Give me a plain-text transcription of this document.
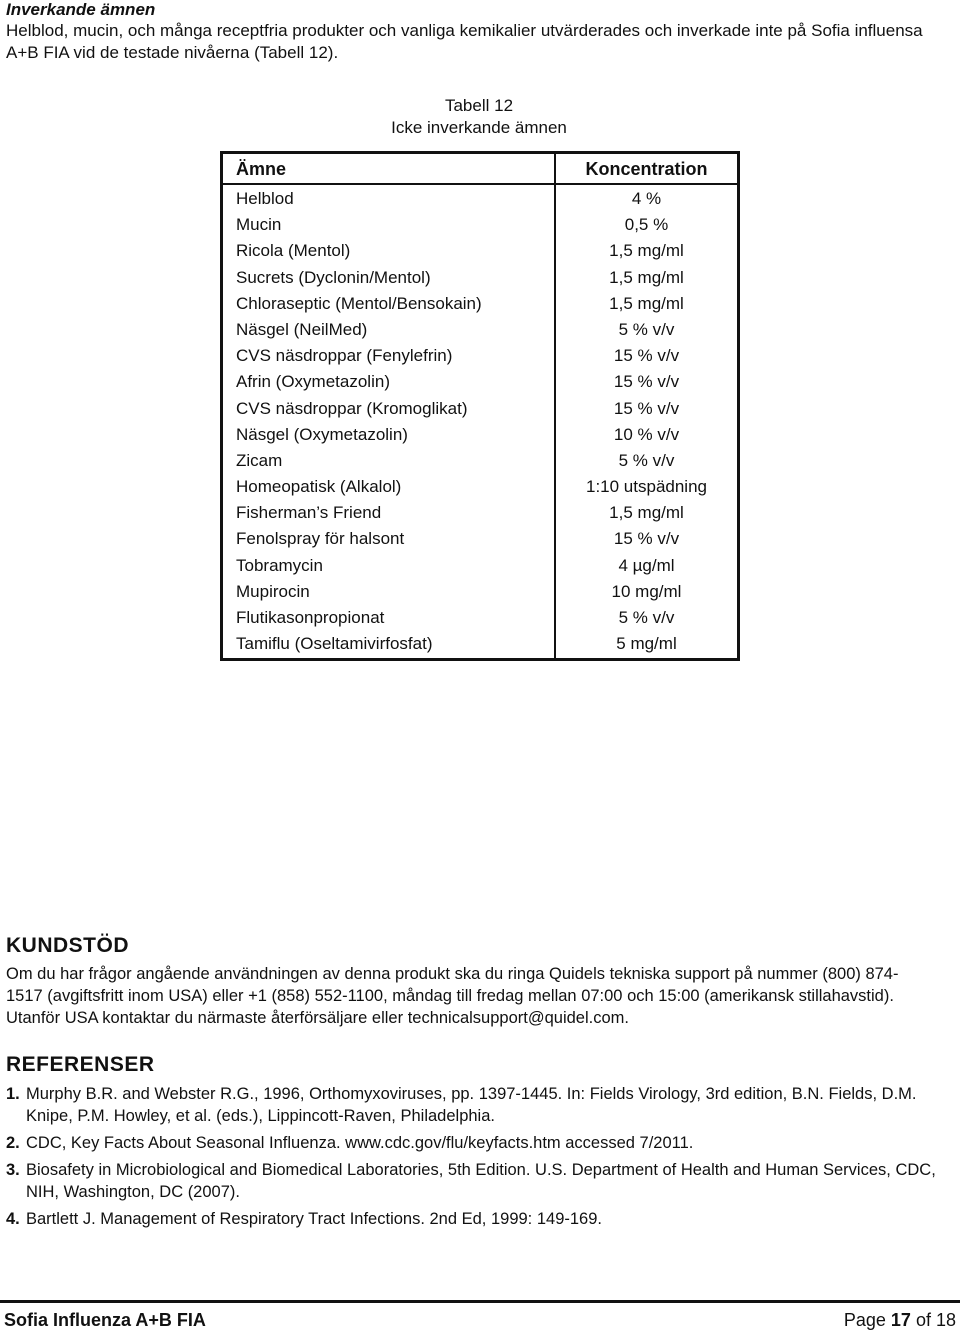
Inverkande ämnen

Helblod, mucin, och många receptfria produkter och vanliga kemikalier utvärderades och inverkade inte på Sofia influensa A+B FIA vid de testade nivåerna (Tabell 12).

Tabell 12
Icke inverkande ämnen
Ämne	Koncentration
Helblod	4 %
Mucin	0,5 %
Ricola (Mentol)	1,5 mg/ml
Sucrets (Dyclonin/Mentol)	1,5 mg/ml
Chloraseptic (Mentol/Bensokain)	1,5 mg/ml
Näsgel (NeilMed)	5 % v/v
CVS näsdroppar (Fenylefrin)	15 % v/v
Afrin (Oxymetazolin)	15 % v/v
CVS näsdroppar (Kromoglikat)	15 % v/v
Näsgel (Oxymetazolin)	10 % v/v
Zicam	5 % v/v
Homeopatisk (Alkalol)	1:10 utspädning
Fisherman’s Friend	1,5 mg/ml
Fenolspray för halsont	15 % v/v
Tobramycin	4 µg/ml
Mupirocin	10 mg/ml
Flutikasonpropionat	5 % v/v
Tamiflu (Oseltamivirfosfat)	5 mg/ml
KUNDSTÖD

Om du har frågor angående användningen av denna produkt ska du ringa Quidels tekniska support på nummer (800) 874-1517 (avgiftsfritt inom USA) eller +1 (858) 552-1100, måndag till fredag mellan 07:00 och 15:00 (amerikansk stillahavstid). Utanför USA kontaktar du närmaste återförsäljare eller technicalsupport@quidel.com.

REFERENSER
1. Murphy B.R. and Webster R.G., 1996, Orthomyxoviruses, pp. 1397-1445. In: Fields Virology, 3rd edition, B.N. Fields, D.M. Knipe, P.M. Howley, et al. (eds.), Lippincott-Raven, Philadelphia.
2. CDC, Key Facts About Seasonal Influenza. www.cdc.gov/flu/keyfacts.htm accessed 7/2011.
3. Biosafety in Microbiological and Biomedical Laboratories, 5th Edition. U.S. Department of Health and Human Services, CDC, NIH, Washington, DC (2007).
4. Bartlett J. Management of Respiratory Tract Infections. 2nd Ed, 1999: 149-169.
Sofia Influenza A+B FIA	Page 17 of 18
